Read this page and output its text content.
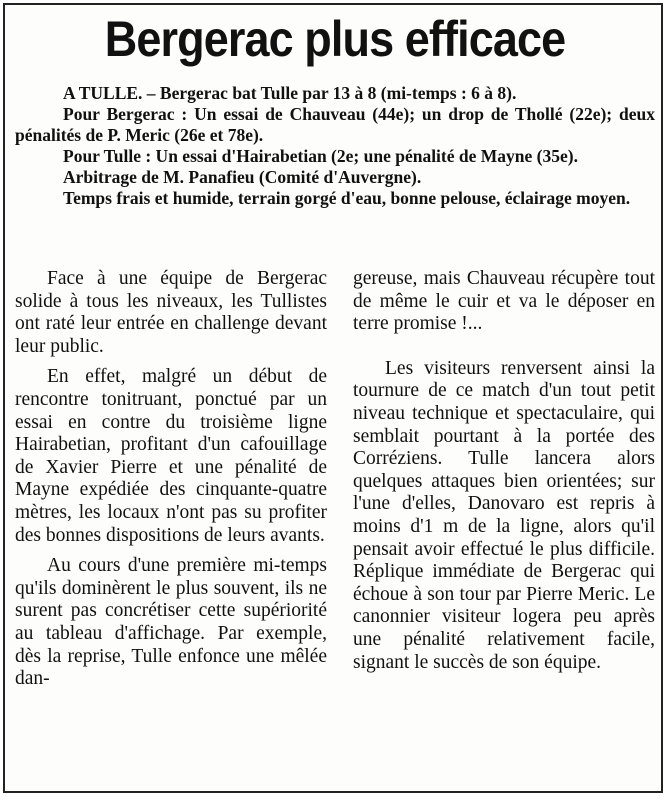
Bergerac plus efficace

A TULLE. – Bergerac bat Tulle par 13 à 8 (mi-temps : 6 à 8).

Pour Bergerac : Un essai de Chauveau (44e); un drop de Thollé (22e); deux pénalités de P. Meric (26e et 78e).

Pour Tulle : Un essai d'Hairabetian (2e; une pénalité de Mayne (35e).

Arbitrage de M. Panafieu (Comité d'Auvergne).

Temps frais et humide, terrain gorgé d'eau, bonne pelouse, éclairage moyen.

Face à une équipe de Bergerac solide à tous les niveaux, les Tullistes ont raté leur entrée en challenge devant leur public.

En effet, malgré un début de rencontre tonitruant, ponctué par un essai en contre du troisième ligne Hairabetian, profitant d'un cafouillage de Xavier Pierre et une pénalité de Mayne expédiée des cinquante-quatre mètres, les locaux n'ont pas su profiter des bonnes dispositions de leurs avants.

Au cours d'une première mi-temps qu'ils dominèrent le plus souvent, ils ne surent pas concrétiser cette supériorité au tableau d'affichage. Par exemple, dès la reprise, Tulle enfonce une mêlée dan-

gereuse, mais Chauveau récupère tout de même le cuir et va le déposer en terre promise !...

Les visiteurs renversent ainsi la tournure de ce match d'un tout petit niveau technique et spectaculaire, qui semblait pourtant à la portée des Corréziens. Tulle lancera alors quelques attaques bien orientées; sur l'une d'elles, Danovaro est repris à moins d'1 m de la ligne, alors qu'il pensait avoir effectué le plus difficile. Réplique immédiate de Bergerac qui échoue à son tour par Pierre Meric. Le canonnier visiteur logera peu après une pénalité relativement facile, signant le succès de son équipe.
